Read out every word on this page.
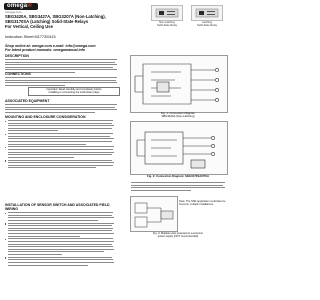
omega®
omega.com
SBG3420A, SBG3427A, SBG3207A (Non-Latching),
SBG3170SA (Latching) Solid-State Relays
For Vertical, Ceiling Use
Instruction Sheet M1773/0415
Shop online at: omega.com e-mail: info@omega.com
For latest product manuals: omegamanual.info
Non-Latching
Solid-State Relay
Latching
Solid-State Relay
DESCRIPTION
CONNECTIONS
Important: Read carefully and completely before
installing or connecting the solid-state relays
ASSOCIATED EQUIPMENT
MOUNTING AND ENCLOSURE CONSIDERATION
INSTALLATION OF SENSOR SWITCH AND ASSOCIATED FIELD WIRING
Fig. 1: Connection Diagram
SBG3420A (Non-Latching)
Fig. 2: Connection Diagram: SBG3170SA/07SA
Note: The SSR application could also be found on multiple installations.
Fig. 3: Multiple units powered on a common
power supply (NOT recommended)
